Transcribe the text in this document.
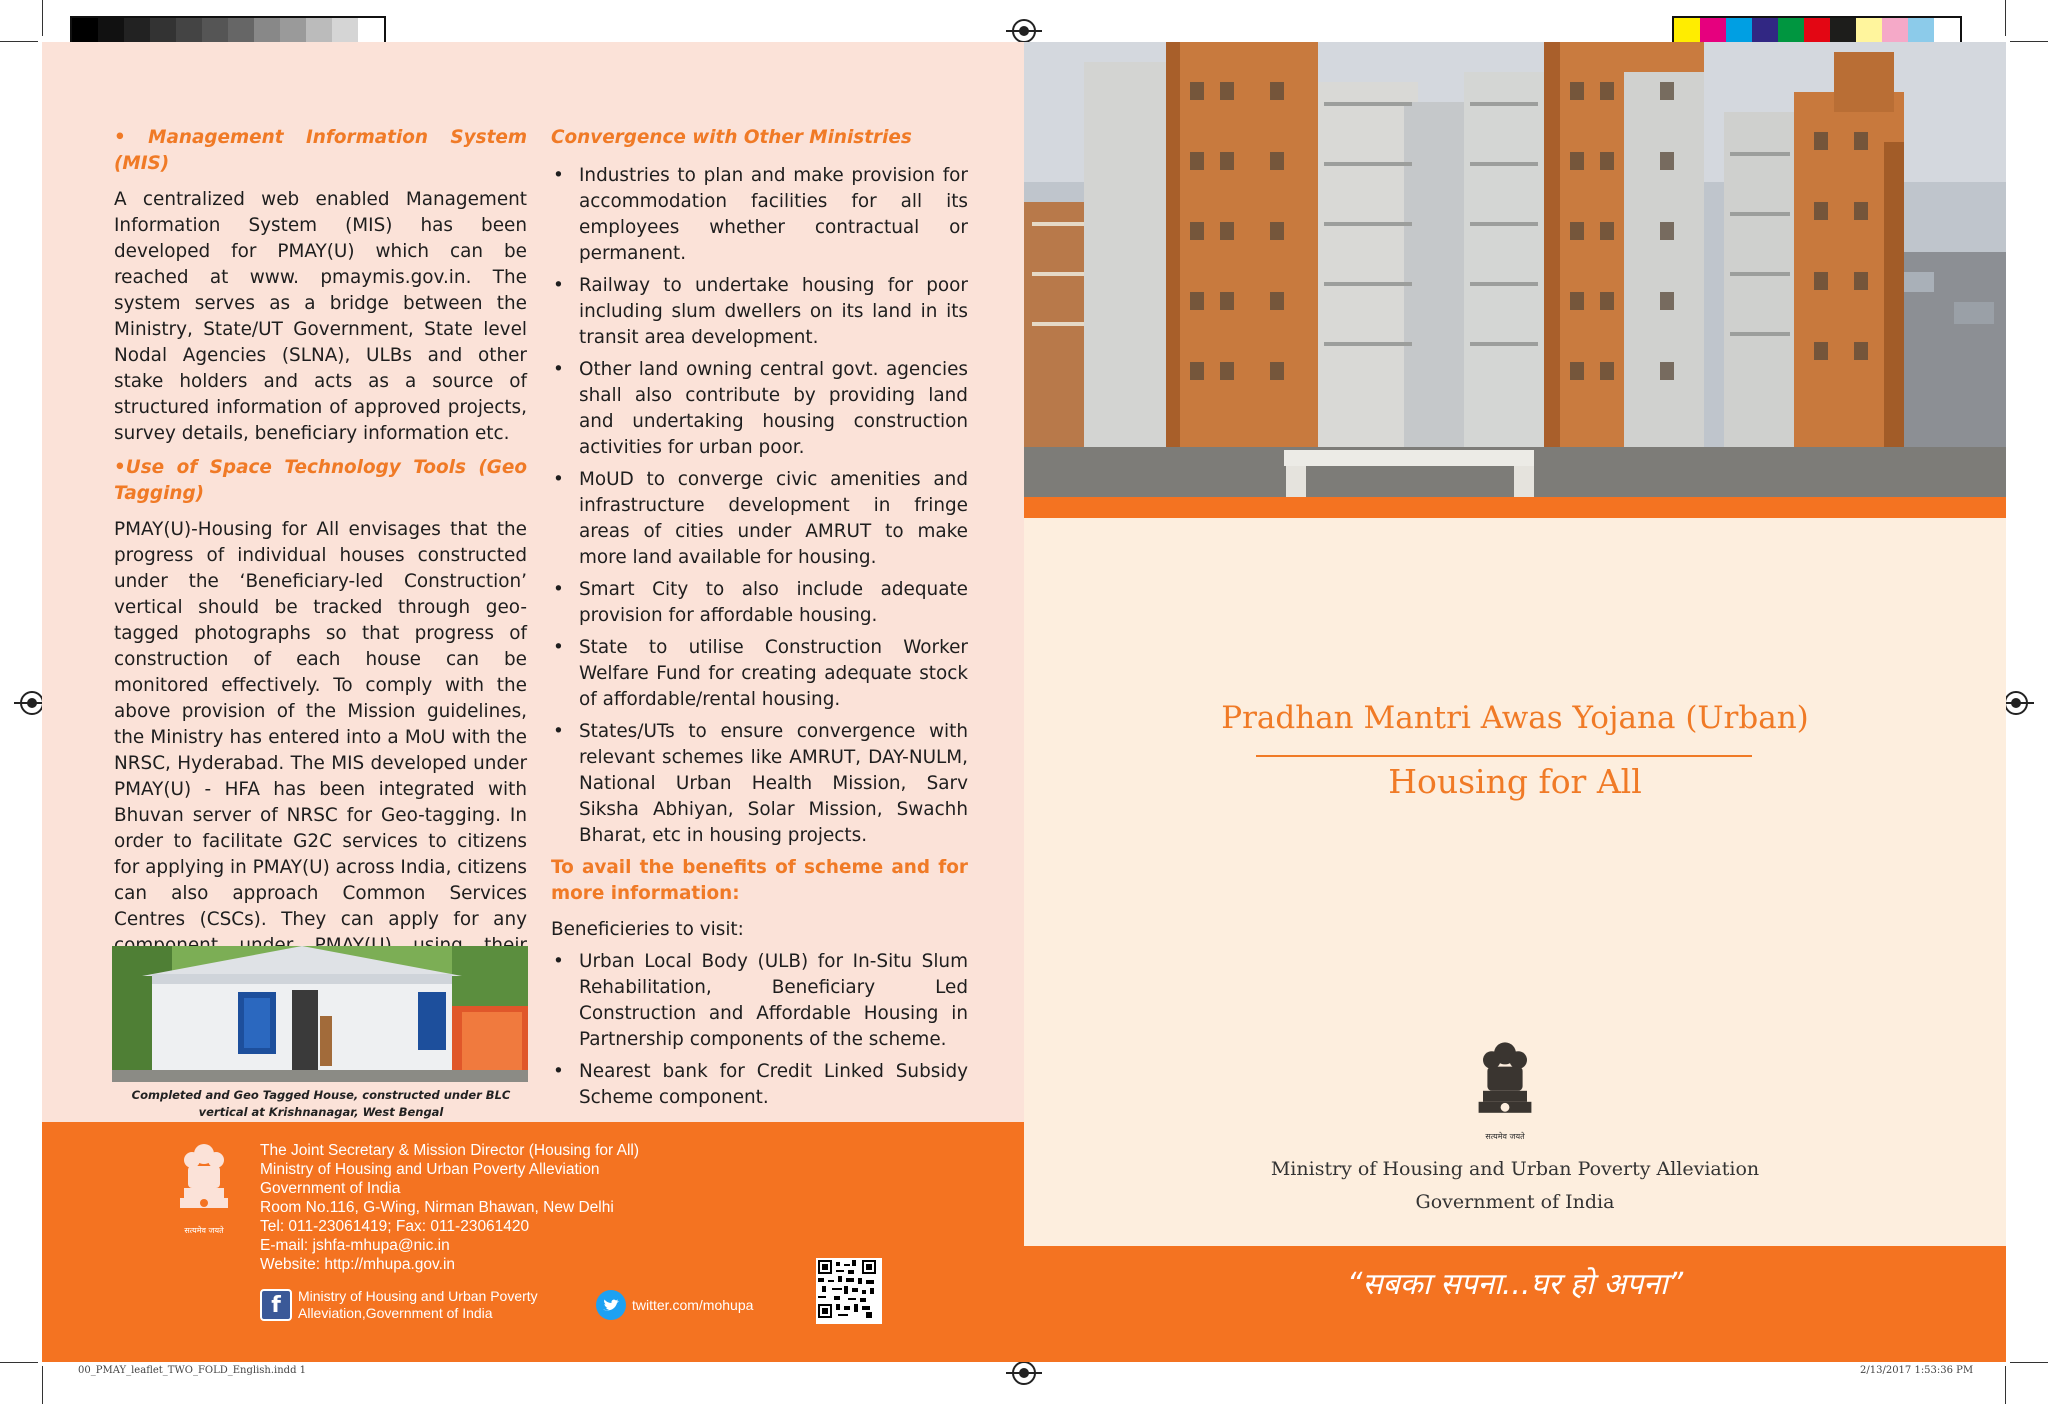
• Management Information System (MIS)
A centralized web enabled Management Information System (MIS) has been developed for PMAY(U) which can be reached at www. pmaymis.gov.in. The system serves as a bridge between the Ministry, State/UT Government, State level Nodal Agencies (SLNA), ULBs and other stake holders and acts as a source of structured information of approved projects, survey details, beneficiary information etc.
•Use of Space Technology Tools (Geo Tagging)
PMAY(U)-Housing for All envisages that the progress of individual houses constructed under the ‘Beneficiary-led Construction’ vertical should be tracked through geo-tagged photographs so that progress of construction of each house can be monitored effectively. To comply with the above provision of the Mission guidelines, the Ministry has entered into a MoU with the NRSC, Hyderabad. The MIS developed under PMAY(U) - HFA has been integrated with Bhuvan server of NRSC for Geo-tagging. In order to facilitate G2C services to citizens for applying in PMAY(U) across India, citizens can also approach Common Services Centres (CSCs). They can apply for any
Completed and Geo Tagged House, constructed under BLC vertical at Krishnanagar, West Bengal
Convergence with Other Ministries
• Industries to plan and make provision for accommodation facilities for all its employees whether contractual or permanent.
• Railway to undertake housing for poor including slum dwellers on its land in its transit area development.
• Other land owning central govt. agencies shall also contribute by providing land and undertaking housing construction activities for urban poor.
• MoUD to converge civic amenities and infrastructure development in fringe areas of cities under AMRUT to make more land available for housing.
• Smart City to also include adequate provision for affordable housing.
• State to utilise Construction Worker Welfare Fund for creating adequate stock of affordable/rental housing.
• States/UTs to ensure convergence with relevant schemes like AMRUT, DAY-NULM, National Urban Health Mission, Sarv Siksha Abhiyan, Solar Mission, Swachh Bharat, etc in housing projects.
To avail the benefits of scheme and for more information:
Beneficieries to visit:
• Urban Local Body (ULB) for In-Situ Slum Rehabilitation, Beneficiary Led Construction and Affordable Housing in Partnership components of the scheme.
• Nearest bank for Credit Linked Subsidy Scheme component.
सत्यमेव जयते
The Joint Secretary & Mission Director (Housing for All)
Ministry of Housing and Urban Poverty Alleviation
Government of India
Room No.116, G-Wing, Nirman Bhawan, New Delhi
Tel: 011-23061419; Fax: 011-23061420
E-mail: jshfa-mhupa@nic.in
Website: http://mhupa.gov.in
f	Ministry of Housing and Urban Poverty Alleviation,Government of India	twitter.com/mohupa
Pradhan Mantri Awas Yojana (Urban)
Housing for All
सत्यमेव जयते
Ministry of Housing and Urban Poverty Alleviation
Government of India
“सबका सपना...घर हो अपना”
00_PMAY_leaflet_TWO_FOLD_English.indd 1	2/13/2017 1:53:36 PM
